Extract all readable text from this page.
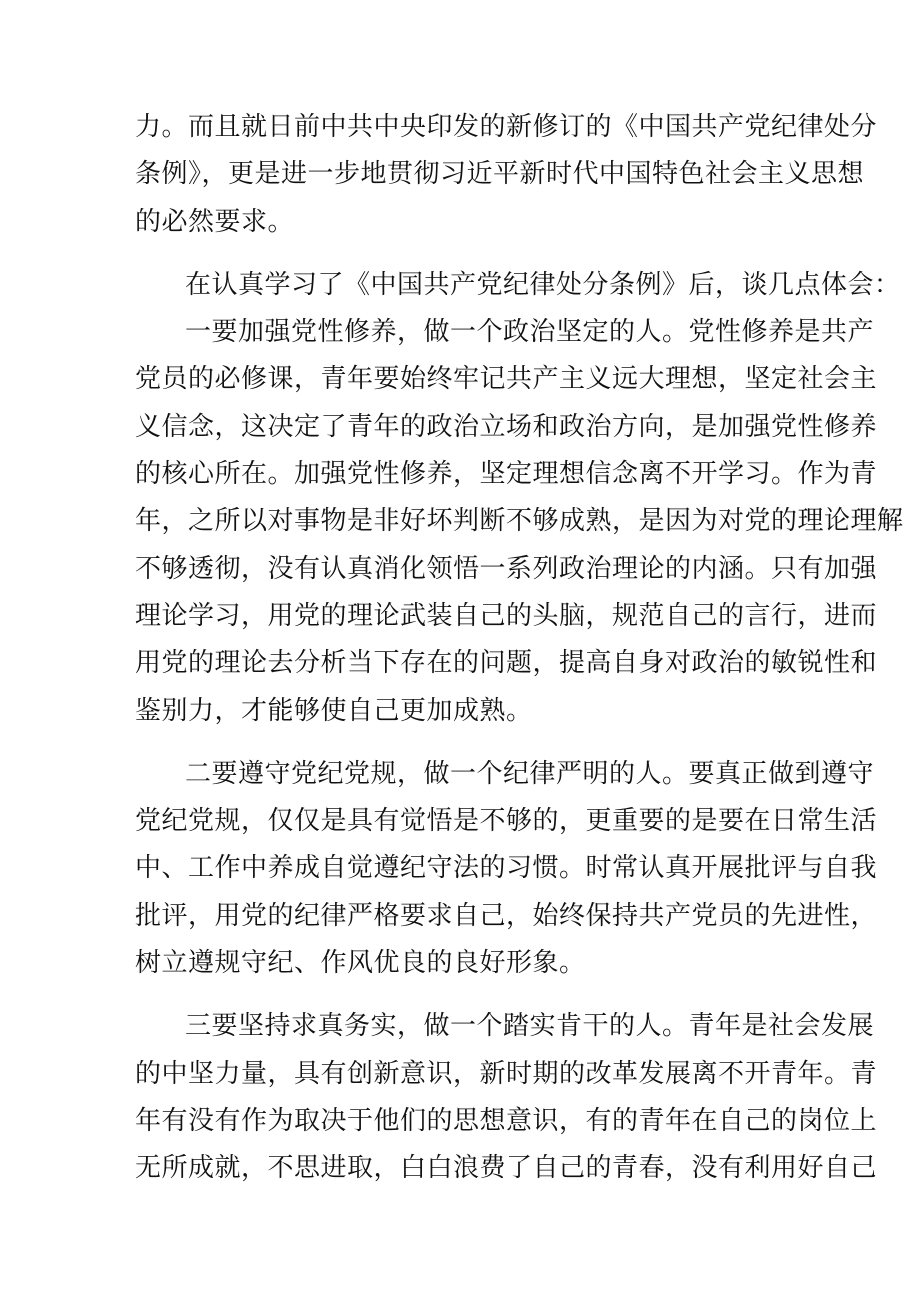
力。而且就日前中共中央印发的新修订的《中国共产党纪律处分
条例》，更是进一步地贯彻习近平新时代中国特色社会主义思想
的必然要求。
在认真学习了《中国共产党纪律处分条例》后，谈几点体会：
一要加强党性修养，做一个政治坚定的人。党性修养是共产
党员的必修课，青年要始终牢记共产主义远大理想，坚定社会主
义信念，这决定了青年的政治立场和政治方向，是加强党性修养
的核心所在。加强党性修养，坚定理想信念离不开学习。作为青
年，之所以对事物是非好坏判断不够成熟，是因为对党的理论理解
不够透彻，没有认真消化领悟一系列政治理论的内涵。只有加强
理论学习，用党的理论武装自己的头脑，规范自己的言行，进而
用党的理论去分析当下存在的问题，提高自身对政治的敏锐性和
鉴别力，才能够使自己更加成熟。
二要遵守党纪党规，做一个纪律严明的人。要真正做到遵守
党纪党规，仅仅是具有觉悟是不够的，更重要的是要在日常生活
中、工作中养成自觉遵纪守法的习惯。时常认真开展批评与自我
批评，用党的纪律严格要求自己，始终保持共产党员的先进性，
树立遵规守纪、作风优良的良好形象。
三要坚持求真务实，做一个踏实肯干的人。青年是社会发展
的中坚力量，具有创新意识，新时期的改革发展离不开青年。青
年有没有作为取决于他们的思想意识，有的青年在自己的岗位上
无所成就，不思进取，白白浪费了自己的青春，没有利用好自己
